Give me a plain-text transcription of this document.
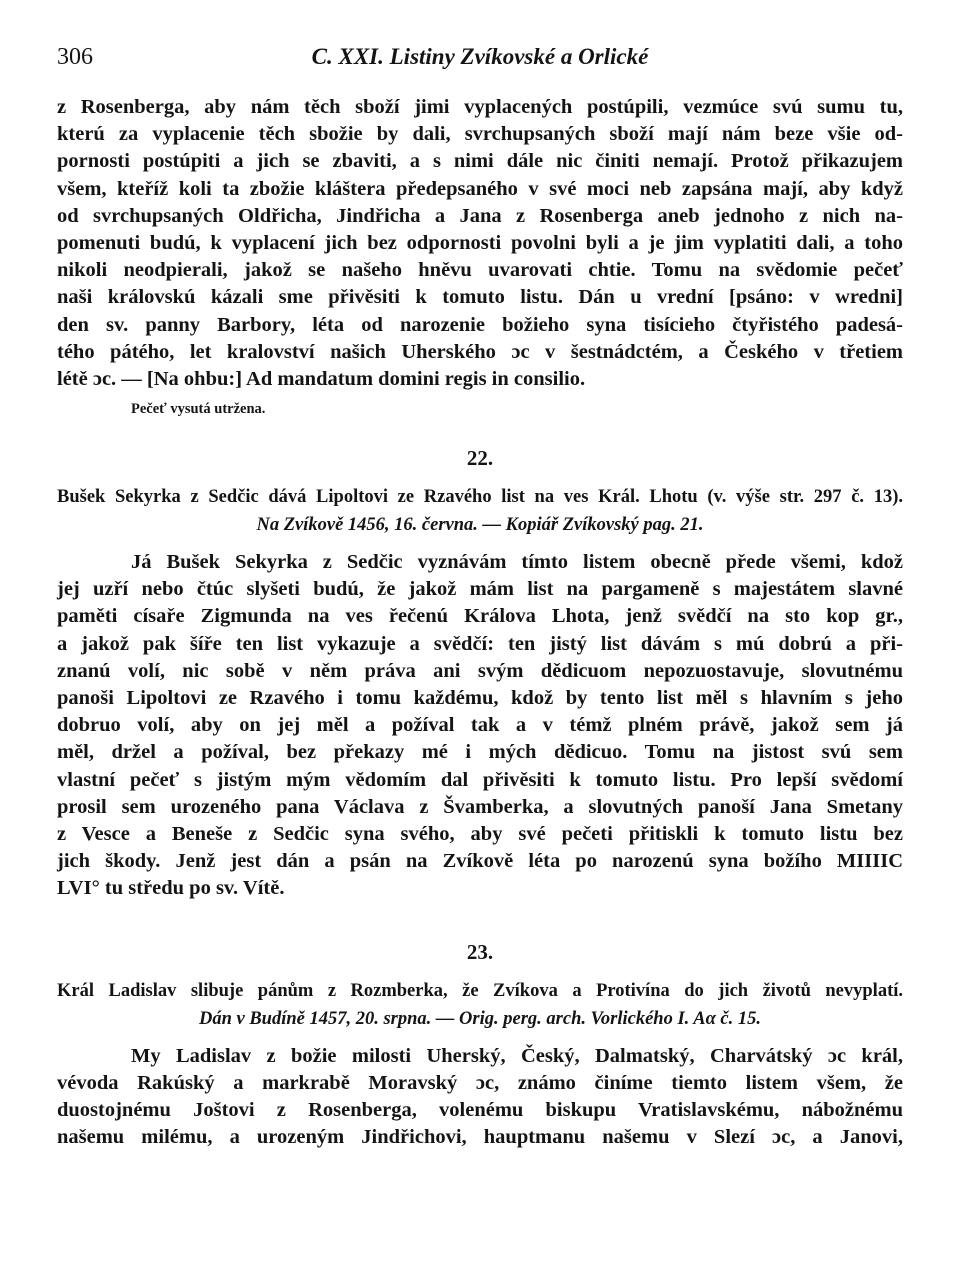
306	C. XXI. Listiny Zvíkovské a Orlické
z Rosenberga, aby nám těch sboží jimi vyplacených postúpili, vezmúce svú sumu tu,
kterú za vyplacenie těch sbožie by dali, svrchupsaných sboží mají nám beze všie od-
pornosti postúpiti a jich se zbaviti, a s nimi dále nic činiti nemají. Protož přikazujem
všem, kteříž koli ta zbožie kláštera předepsaného v své moci neb zapsána mají, aby když
od svrchupsaných Oldřicha, Jindřicha a Jana z Rosenberga aneb jednoho z nich na-
pomenuti budú, k vyplacení jich bez odpornosti povolni byli a je jim vyplatiti dali, a toho
nikoli neodpierali, jakož se našeho hněvu uvarovati chtie. Tomu na svědomie pečeť
naši královskú kázali sme přivěsiti k tomuto listu. Dán u vrední [psáno: v wredni]
den sv. panny Barbory, léta od narozenie božieho syna tisícieho čtyřistého padesá-
tého pátého, let kralovství našich Uherského ɔc v šestnádctém, a Českého v třetiem
létě ɔc. — [Na ohbu:] Ad mandatum domini regis in consilio.
Pečeť vysutá utržena.
22.
Bušek Sekyrka z Sedčic dává Lipoltovi ze Rzavého list na ves Král. Lhotu (v. výše str. 297 č. 13).
Na Zvíkově 1456, 16. června. — Kopiář Zvíkovský pag. 21.
Já Bušek Sekyrka z Sedčic vyznávám tímto listem obecně přede všemi, kdož
jej uzří nebo čtúc slyšeti budú, že jakož mám list na pargameně s majestátem slavné
paměti císaře Zigmunda na ves řečenú Králova Lhota, jenž svědčí na sto kop gr.,
a jakož pak šíře ten list vykazuje a svědčí: ten jistý list dávám s mú dobrú a při-
znanú volí, nic sobě v něm práva ani svým dědicuom nepozuostavuje, slovutnému
panoši Lipoltovi ze Rzavého i tomu každému, kdož by tento list měl s hlavním s jeho
dobruo volí, aby on jej měl a požíval tak a v témž plném právě, jakož sem já
měl, držel a požíval, bez překazy mé i mých dědicuo. Tomu na jistost svú sem
vlastní pečeť s jistým mým vědomím dal přivěsiti k tomuto listu. Pro lepší svědomí
prosil sem urozeného pana Václava z Švamberka, a slovutných panoší Jana Smetany
z Vesce a Beneše z Sedčic syna svého, aby své pečeti přitiskli k tomuto listu bez
jich škody. Jenž jest dán a psán na Zvíkově léta po narozenú syna božího MIIIIC
LVI° tu středu po sv. Vítě.
23.
Král Ladislav slibuje pánům z Rozmberka, že Zvíkova a Protivína do jich životů nevyplatí.
Dán v Budíně 1457, 20. srpna. — Orig. perg. arch. Vorlického I. Aα č. 15.
My Ladislav z božie milosti Uherský, Český, Dalmatský, Charvátský ɔc král,
vévoda Rakúský a markrabě Moravský ɔc, známo činíme tiemto listem všem, že
duostojnému Joštovi z Rosenberga, volenému biskupu Vratislavskému, nábožnému
našemu milému, a urozeným Jindřichovi, hauptmanu našemu v Slezí ɔc, a Janovi,
